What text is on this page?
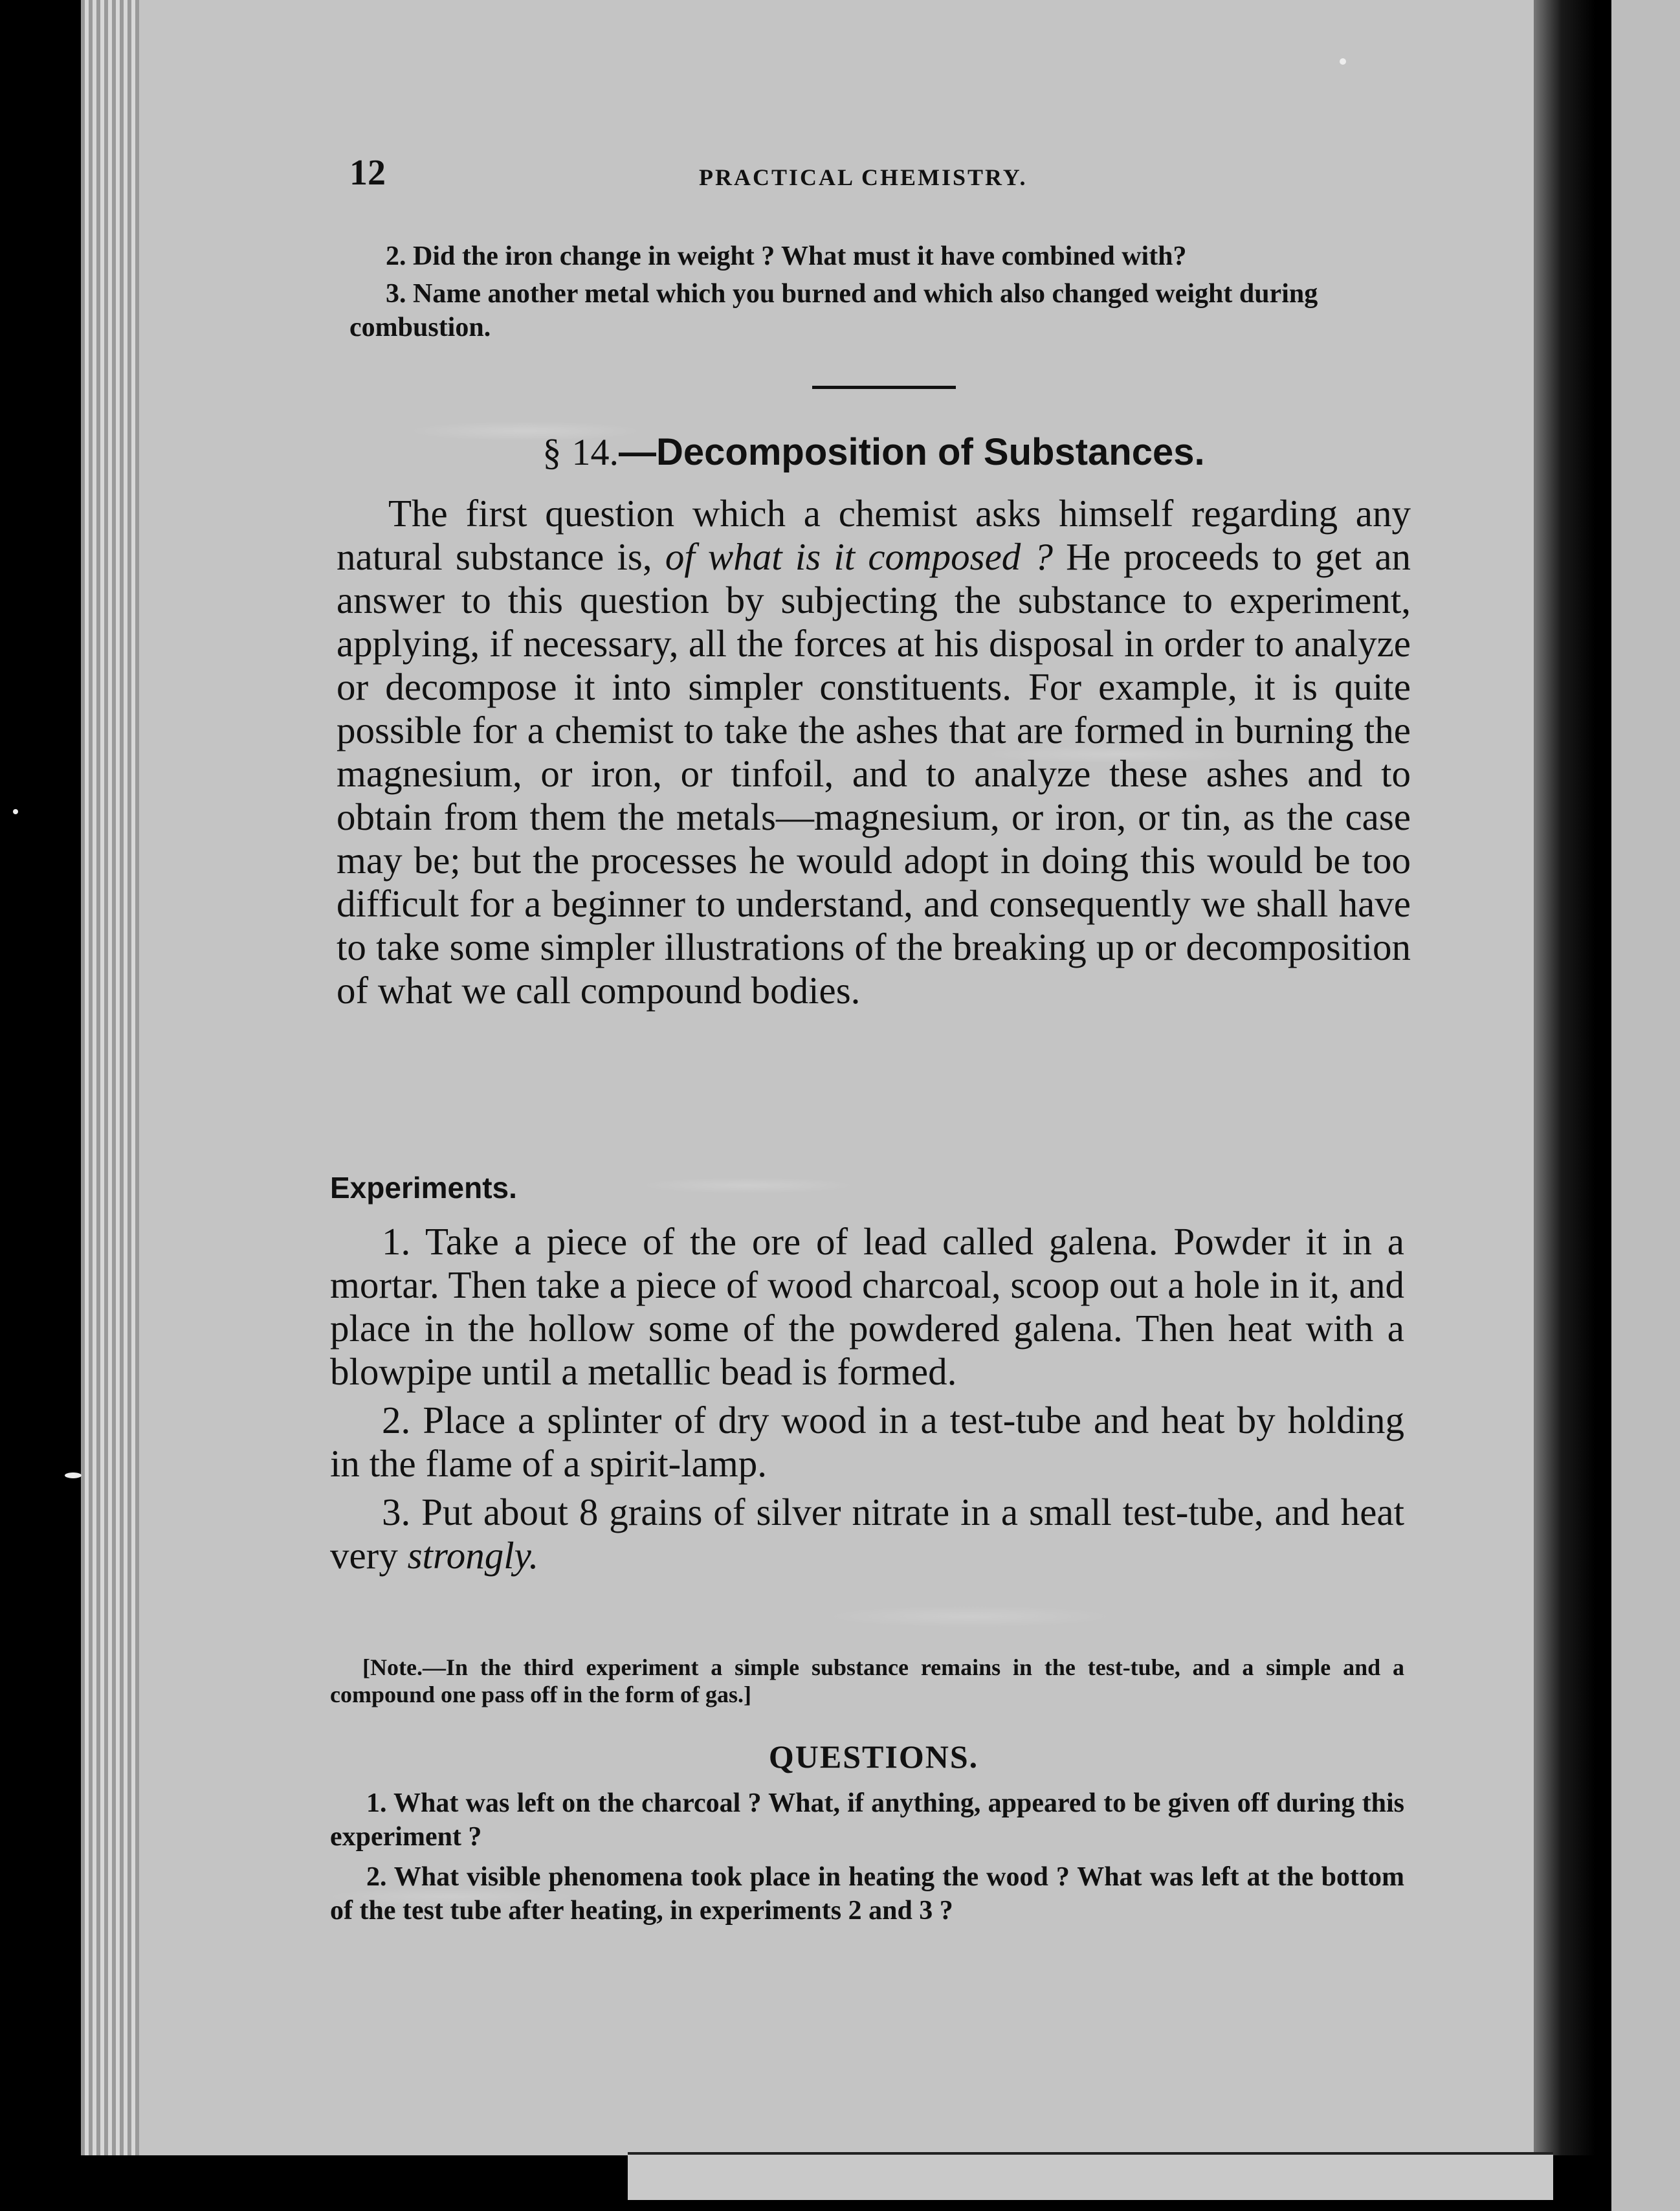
12	PRACTICAL CHEMISTRY.

2. Did the iron change in weight ? What must it have combined with?

3. Name another metal which you burned and which also changed weight during combustion.

§ 14.—Decomposition of Substances.

The first question which a chemist asks himself regarding any natural substance is, of what is it composed ? He proceeds to get an answer to this question by subjecting the substance to experiment, applying, if necessary, all the forces at his disposal in order to analyze or decompose it into simpler constituents. For example, it is quite possible for a chemist to take the ashes that are formed in burning the magnesium, or iron, or tinfoil, and to analyze these ashes and to obtain from them the metals—magnesium, or iron, or tin, as the case may be; but the processes he would adopt in doing this would be too difficult for a beginner to understand, and consequently we shall have to take some simpler illustrations of the breaking up or decomposition of what we call compound bodies.

Experiments.

1. Take a piece of the ore of lead called galena. Powder it in a mortar. Then take a piece of wood charcoal, scoop out a hole in it, and place in the hollow some of the powdered galena. Then heat with a blowpipe until a metallic bead is formed.

2. Place a splinter of dry wood in a test-tube and heat by holding in the flame of a spirit-lamp.

3. Put about 8 grains of silver nitrate in a small test-tube, and heat very strongly.

[Note.—In the third experiment a simple substance remains in the test-tube, and a simple and a compound one pass off in the form of gas.]

QUESTIONS.

1. What was left on the charcoal ? What, if anything, appeared to be given off during this experiment ?

2. What visible phenomena took place in heating the wood ? What was left at the bottom of the test tube after heating, in experiments 2 and 3 ?
